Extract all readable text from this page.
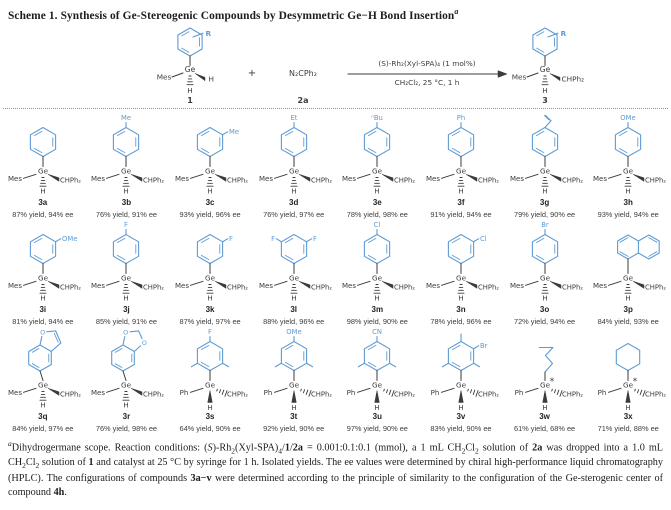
Scheme 1. Synthesis of Ge-Stereogenic Compounds by Desymmetric Ge−H Bond Insertion$^a$
R
Ge
Mes	H
H
1
+	N₂CPh₂
2a
(S)-Rh₂(Xyl-SPA)₄ (1 mol%)
CH₂Cl₂, 25 °C, 1 h
R
Ge
Mes	CHPh₂
H
3
Ge
Mes	CHPh₂
H
3a
87% yield, 94% ee
Me
Ge
Mes	CHPh₂
H
3b
76% yield, 91% ee
Me
Ge
Mes	CHPh₂
H
3c
93% yield, 96% ee
Et
Ge
Mes	CHPh₂
H
3d
76% yield, 97% ee
ⁿBu
Ge
Mes	CHPh₂
H
3e
78% yield, 98% ee
Ph
Ge
Mes	CHPh₂
H
3f
91% yield, 94% ee
Ge
Mes	CHPh₂
H
3g
79% yield, 90% ee
OMe
Ge
Mes	CHPh₂
H
3h
93% yield, 94% ee
OMe
Ge
Mes	CHPh₂
H
3i
81% yield, 94% ee
F
Ge
Mes	CHPh₂
H
3j
85% yield, 91% ee
F
Ge
Mes	CHPh₂
H
3k
87% yield, 97% ee
F
F
Ge
Mes	CHPh₂
H
3l
88% yield, 96% ee
Cl
Ge
Mes	CHPh₂
H
3m
98% yield, 90% ee
Cl
Ge
Mes	CHPh₂
H
3n
78% yield, 96% ee
Br
Ge
Mes	CHPh₂
H
3o
72% yield, 94% ee
Ge
Mes	CHPh₂
H
3p
84% yield, 93% ee
O
Ge
Mes	CHPh₂
H
3q
84% yield, 97% ee
O
O
Ge
Mes	CHPh₂
H
3r
76% yield, 98% ee
F
Ge
Ph	CHPh₂
H
3s
64% yield, 90% ee
OMe
Ge
Ph	CHPh₂
H
3t
92% yield, 90% ee
CN
Ge
Ph	CHPh₂
H
3u
97% yield, 90% ee
Br
Ge
Ph	CHPh₂
H
3v
83% yield, 90% ee
Ge
Ph	CHPh₂
H
*
3w
61% yield, 68% ee
Ge
Ph	CHPh₂
H
*
3x
71% yield, 88% ee
$^a$Dihydrogermane scope. Reaction conditions: $(S)-Rh_2(Xyl-SPA)_4/1/2a$ = 0.001:0.1:0.1 (mmol), a 1 mL $CH_2Cl_2$ solution of 2a was dropped into a 1.0 mL $CH_2Cl_2$ solution of 1 and catalyst at 25 °C by syringe for 1 h. Isolated yields. The ee values were determined by chiral high-performance liquid chromatography (HPLC). The configurations of compounds 3a−v were determined according to the principle of similarity to the configuration of the Ge-sterogenic center of compound 4h.
